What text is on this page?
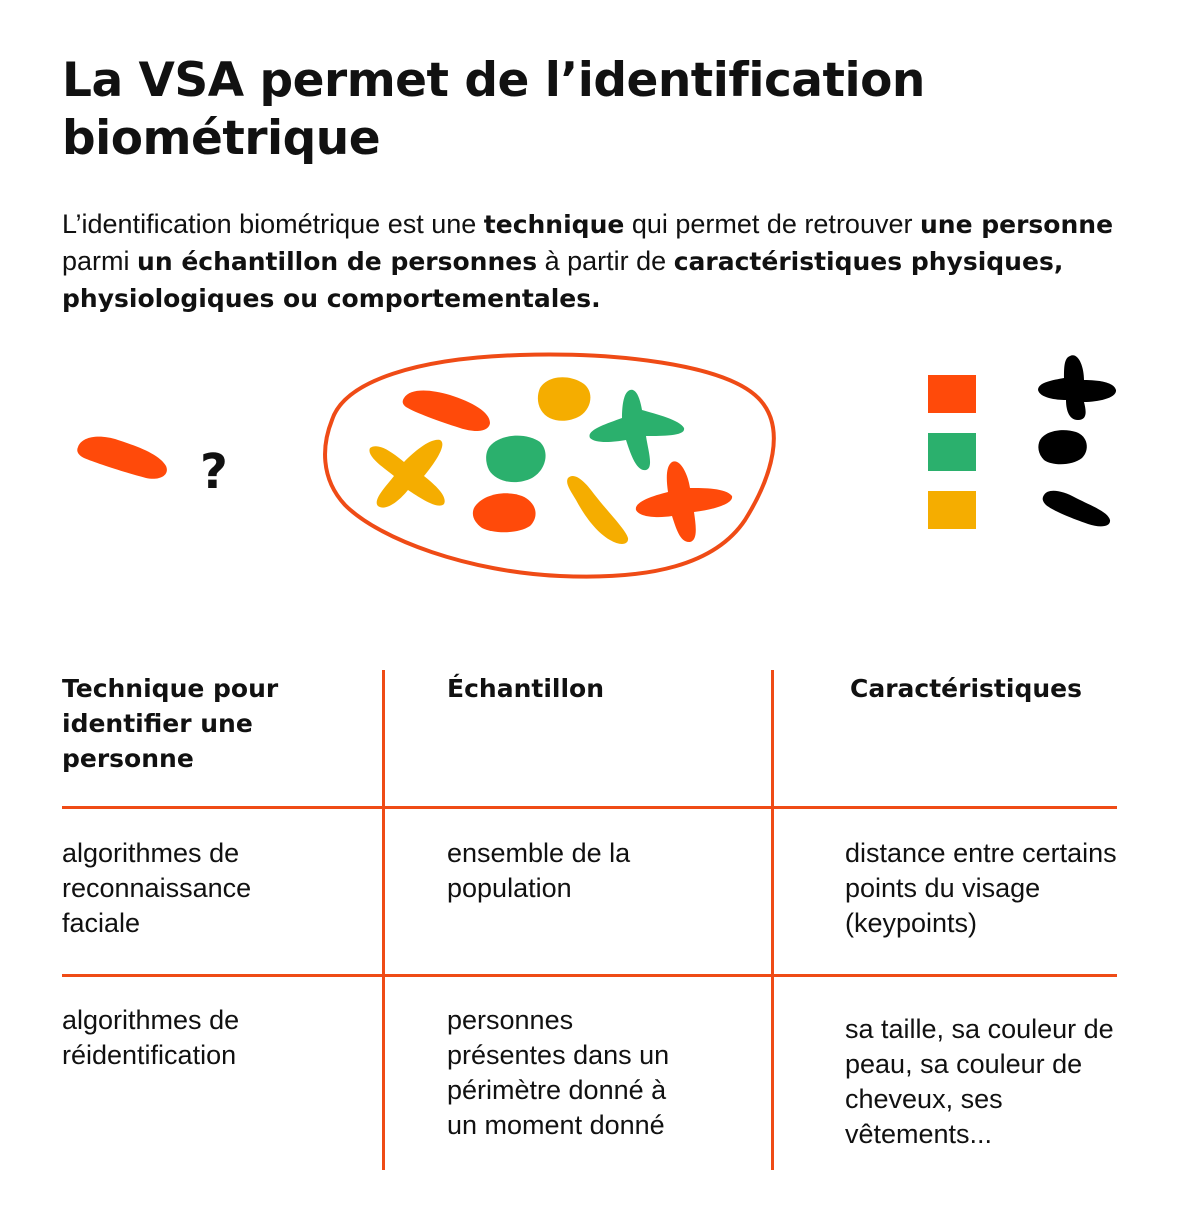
La VSA permet de l’identification biométrique

L’identification biométrique est une technique qui permet de retrouver une personne parmi un échantillon de personnes à partir de caractéristiques physiques, physiologiques ou comportementales.

?

Technique pour identifier une personne

Échantillon	Caractéristiques

algorithmes de reconnaissance faciale

ensemble de la population

distance entre certains points du visage (keypoints)

algorithmes de réidentification

personnes présentes dans un périmètre donné à un moment donné

sa taille, sa couleur de peau, sa couleur de cheveux, ses vêtements...
